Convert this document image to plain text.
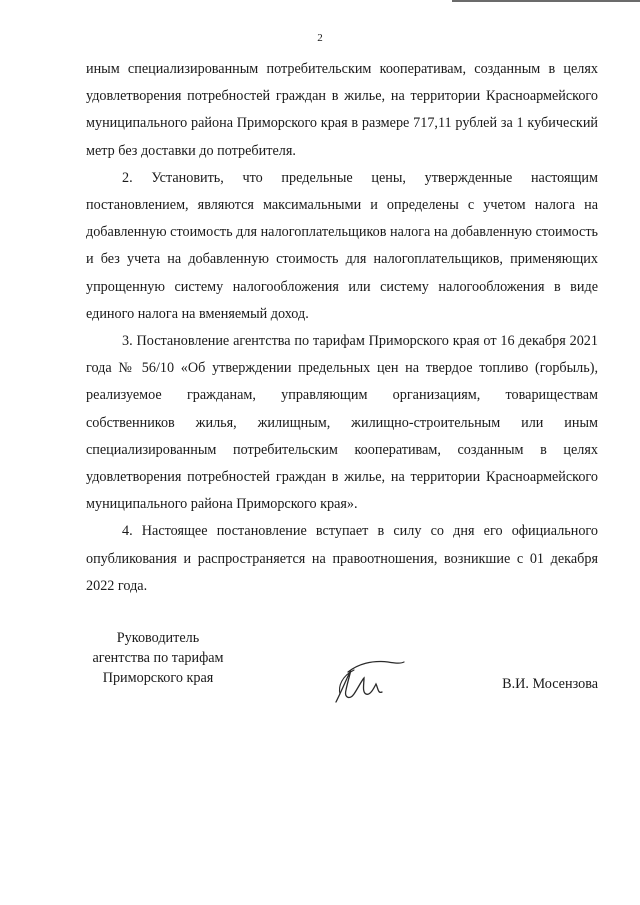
2

иным специализированным потребительским кооперативам, созданным в целях удовлетворения потребностей граждан в жилье, на территории Красноармейского муниципального района Приморского края в размере 717,11 рублей за 1 кубический метр без доставки до потребителя.

2. Установить, что предельные цены, утвержденные настоящим постановлением, являются максимальными и определены с учетом налога на добавленную стоимость для налогоплательщиков налога на добавленную стоимость и без учета на добавленную стоимость для налогоплательщиков, применяющих упрощенную систему налогообложения или систему налогообложения в виде единого налога на вменяемый доход.

3. Постановление агентства по тарифам Приморского края от 16 декабря 2021 года № 56/10 «Об утверждении предельных цен на твердое топливо (горбыль), реализуемое гражданам, управляющим организациям, товариществам собственников жилья, жилищным, жилищно-строительным или иным специализированным потребительским кооперативам, созданным в целях удовлетворения потребностей граждан в жилье, на территории Красноармейского муниципального района Приморского края».

4. Настоящее постановление вступает в силу со дня его официального опубликования и распространяется на правоотношения, возникшие с 01 декабря 2022 года.

Руководитель
агентства по тарифам
Приморского края	В.И. Мосензова
